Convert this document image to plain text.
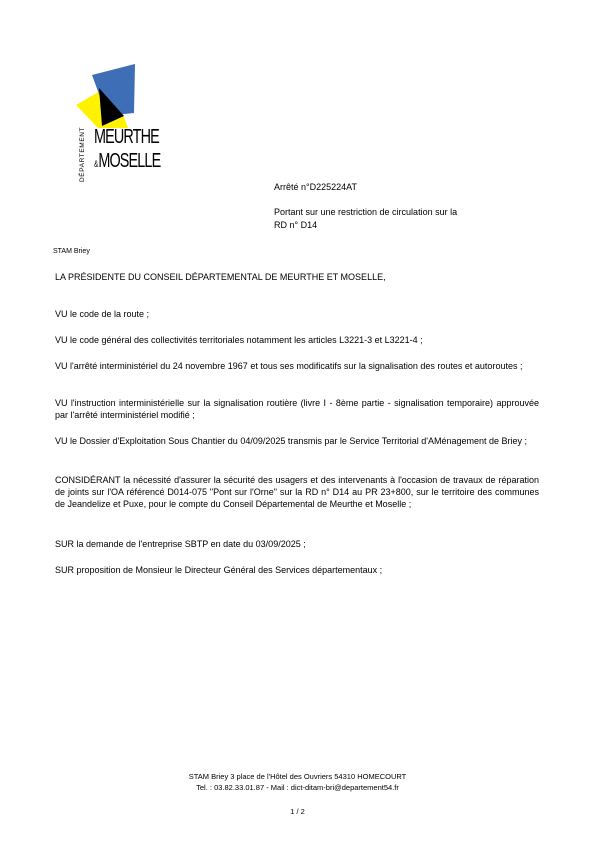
DÉPARTEMENT MEURTHE
&MOSELLE
Arrêté n°D225224AT
Portant sur une restriction de circulation sur la
RD n° D14
STAM Briey
LA PRÉSIDENTE DU CONSEIL DÉPARTEMENTAL DE MEURTHE ET MOSELLE,
VU le code de la route ;
VU le code général des collectivités territoriales notamment les articles L3221-3 et L3221-4 ;
VU l'arrêté interministériel du 24 novembre 1967 et tous ses modificatifs sur la signalisation des routes et autoroutes ;
VU l'instruction interministérielle sur la signalisation routière (livre I - 8ème partie - signalisation temporaire) approuvée par l'arrêté interministériel modifié ;
VU le Dossier d'Exploitation Sous Chantier du 04/09/2025 transmis par le Service Territorial d'AMénagement de Briey ;
CONSIDÉRANT la nécessité d'assurer la sécurité des usagers et des intervenants à l'occasion de travaux de réparation de joints sur l'OA référencé D014-075 "Pont sur l'Orne" sur la RD n° D14 au PR 23+800, sur le territoire des communes de Jeandelize et Puxe, pour le compte du Conseil Départemental de Meurthe et Moselle ;
SUR la demande de l'entreprise SBTP en date du 03/09/2025 ;
SUR proposition de Monsieur le Directeur Général des Services départementaux ;
STAM Briey 3 place de l'Hôtel des Ouvriers 54310 HOMECOURT
Tel. : 03.82.33.01.87 - Mail : dict-ditam-bri@departement54.fr
1 / 2
